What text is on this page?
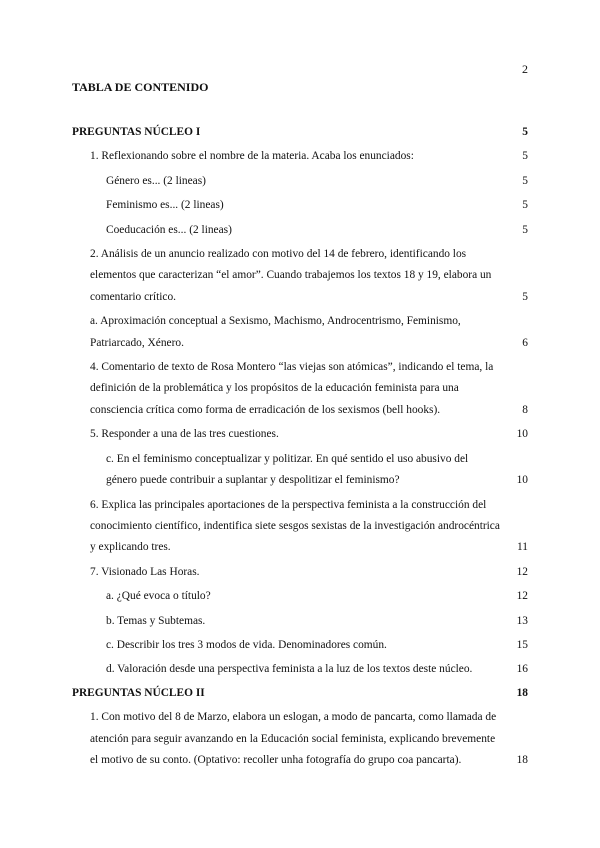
2
TABLA DE CONTENIDO
PREGUNTAS NÚCLEO I	5
1. Reflexionando sobre el nombre de la materia. Acaba los enunciados:	5
Género es... (2 lineas)	5
Feminismo es... (2 lineas)	5
Coeducación es... (2 lineas)	5
2. Análisis de un anuncio realizado con motivo del 14 de febrero, identificando los elementos que caracterizan “el amor”. Cuando trabajemos los textos 18 y 19, elabora un comentario crítico.	5
a. Aproximación conceptual a Sexismo, Machismo, Androcentrismo, Feminismo, Patriarcado, Xénero.	6
4. Comentario de texto de Rosa Montero “las viejas son atómicas”, indicando el tema, la definición de la problemática y los propósitos de la educación feminista para una consciencia crítica como forma de erradicación de los sexismos (bell hooks).	8
5. Responder a una de las tres cuestiones.	10
c. En el feminismo conceptualizar y politizar. En qué sentido el uso abusivo del género puede contribuir a suplantar y despolitizar el feminismo?	10
6. Explica las principales aportaciones de la perspectiva feminista a la construcción del conocimiento científico, indentifica siete sesgos sexistas de la investigación androcéntrica y explicando tres.	11
7. Visionado Las Horas.	12
a. ¿Qué evoca o título?	12
b. Temas y Subtemas.	13
c. Describir los tres 3 modos de vida. Denominadores común.	15
d. Valoración desde una perspectiva feminista a la luz de los textos deste núcleo.	16
PREGUNTAS NÚCLEO II	18
1. Con motivo del 8 de Marzo, elabora un eslogan, a modo de pancarta, como llamada de atención para seguir avanzando en la Educación social feminista, explicando brevemente el motivo de su conto. (Optativo: recoller unha fotografía do grupo coa pancarta).	18
